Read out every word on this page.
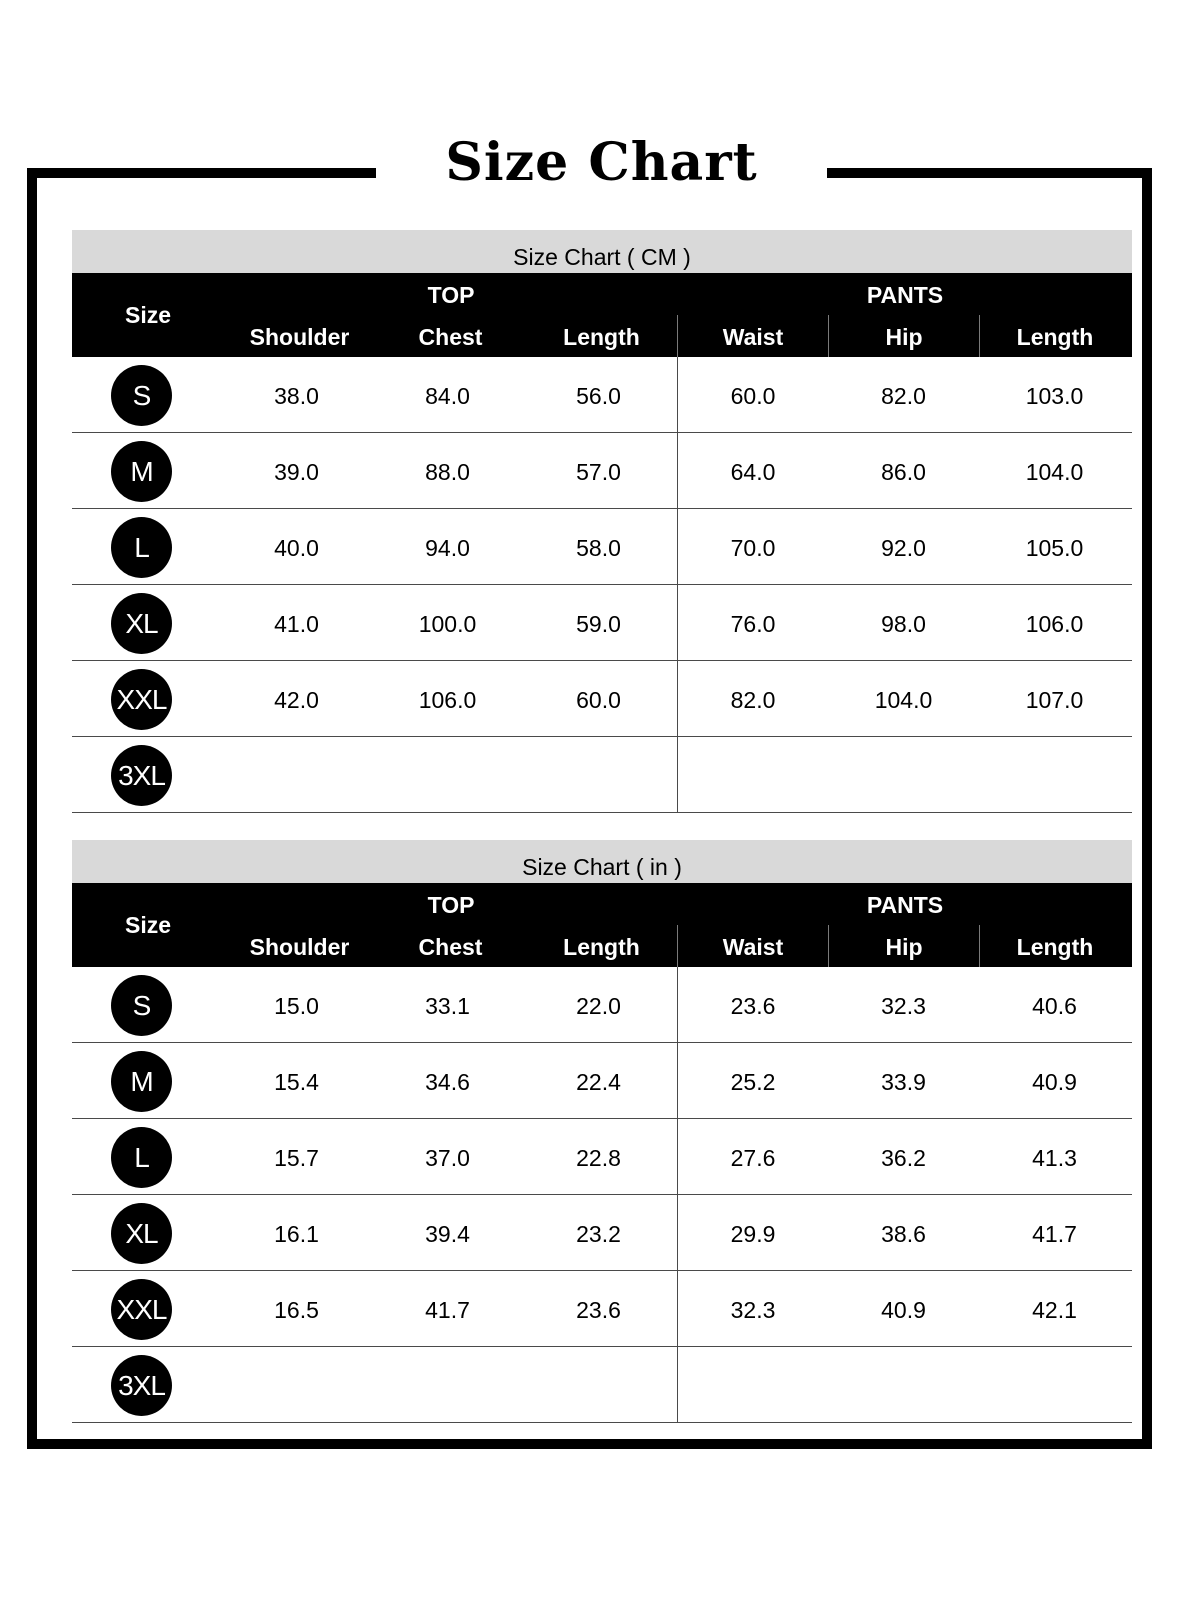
Size Chart
Size Chart ( CM )
Size
TOP	PANTS
Shoulder	Chest	Length	Waist	Hip	Length
S	38.0	84.0	56.0	60.0	82.0	103.0
M	39.0	88.0	57.0	64.0	86.0	104.0
L	40.0	94.0	58.0	70.0	92.0	105.0
XL	41.0	100.0	59.0	76.0	98.0	106.0
XXL	42.0	106.0	60.0	82.0	104.0	107.0
3XL
Size Chart ( in )
Size
TOP	PANTS
Shoulder	Chest	Length	Waist	Hip	Length
S	15.0	33.1	22.0	23.6	32.3	40.6
M	15.4	34.6	22.4	25.2	33.9	40.9
L	15.7	37.0	22.8	27.6	36.2	41.3
XL	16.1	39.4	23.2	29.9	38.6	41.7
XXL	16.5	41.7	23.6	32.3	40.9	42.1
3XL
